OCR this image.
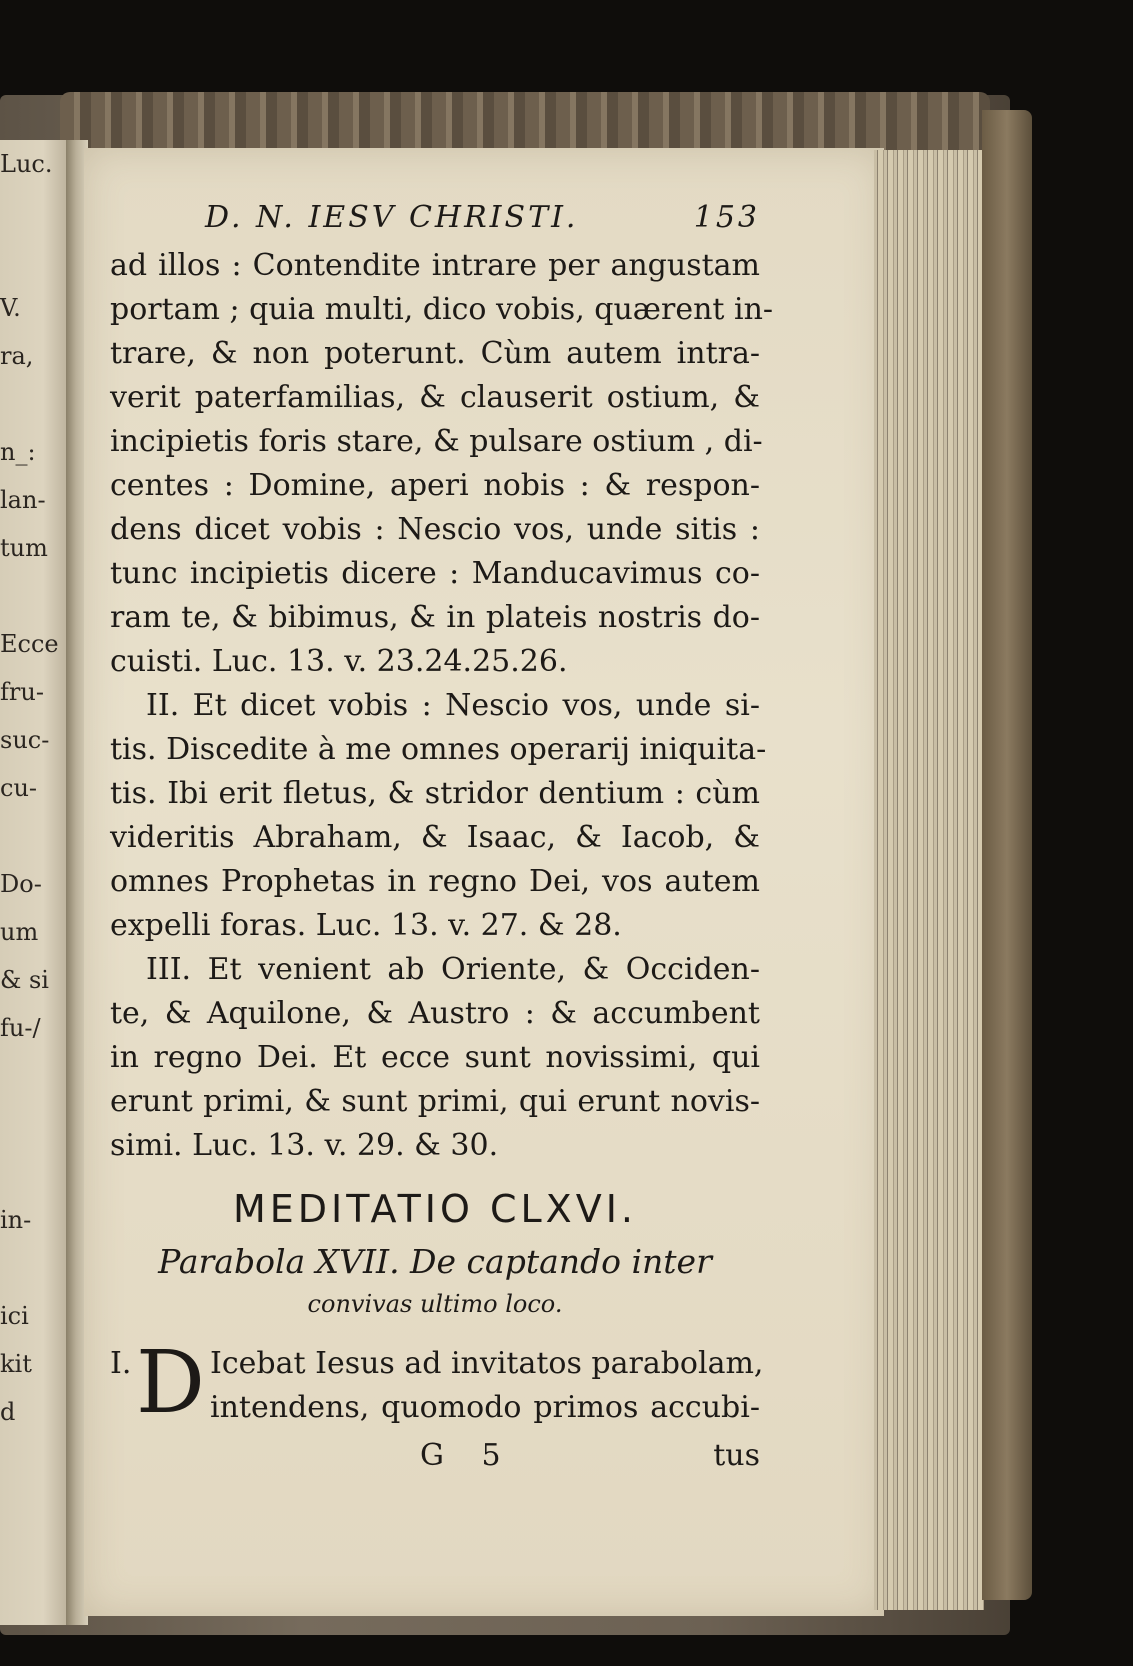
Luc.
V.
ra,
n_:
lan-
tum
Ecce
fru-
suc-
cu-
Do-
um
& si
fu-/
in-
ici
kit
d
D. N. IESV CHRISTI.	153
ad illos : Contendite intrare per angustam
portam ; quia multi, dico vobis, quærent in-
trare, & non poterunt. Cùm autem intra-
verit paterfamilias, & clauserit ostium, &
incipietis foris stare, & pulsare ostium , di-
centes : Domine, aperi nobis : & respon-
dens dicet vobis : Nescio vos, unde sitis :
tunc incipietis dicere : Manducavimus co-
ram te, & bibimus, & in plateis nostris do-
cuisti. Luc. 13. v. 23.24.25.26.
II. Et dicet vobis : Nescio vos, unde si-
tis. Discedite à me omnes operarij iniquita-
tis. Ibi erit fletus, & stridor dentium : cùm
videritis Abraham, & Isaac, & Iacob, &
omnes Prophetas in regno Dei, vos autem
expelli foras. Luc. 13. v. 27. & 28.
III. Et venient ab Oriente, & Occiden-
te, & Aquilone, & Austro : & accumbent
in regno Dei. Et ecce sunt novissimi, qui
erunt primi, & sunt primi, qui erunt novis-
simi. Luc. 13. v. 29. & 30.
MEDITATIO CLXVI.
Parabola XVII. De captando inter
convivas ultimo loco.
I. D Icebat Iesus ad invitatos parabolam,
intendens, quomodo primos accubi-
G 5	tus
